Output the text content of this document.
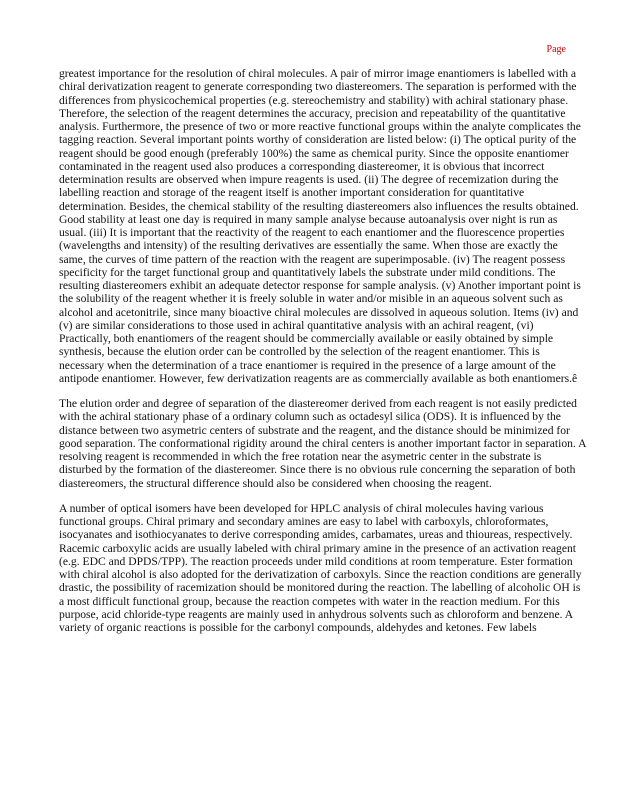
Page

greatest importance for the resolution of chiral molecules. A pair of mirror image enantiomers is labelled with a chiral derivatization reagent to generate corresponding two diastereomers. The separation is performed with the differences from physicochemical properties (e.g. stereochemistry and stability) with achiral stationary phase. Therefore, the selection of the reagent determines the accuracy, precision and repeatability of the quantitative analysis. Furthermore, the presence of two or more reactive functional groups within the analyte complicates the tagging reaction. Several important points worthy of consideration are listed below: (i) The optical purity of the reagent should be good enough (preferably 100%) the same as chemical purity. Since the opposite enantiomer contaminated in the reagent used also produces a corresponding diastereomer, it is obvious that incorrect determination results are observed when impure reagents is used. (ii) The degree of recemization during the labelling reaction and storage of the reagent itself is another important consideration for quantitative determination. Besides, the chemical stability of the resulting diastereomers also influences the results obtained. Good stability at least one day is required in many sample analyse because autoanalysis over night is run as usual. (iii) It is important that the reactivity of the reagent to each enantiomer and the fluorescence properties (wavelengths and intensity) of the resulting derivatives are essentially the same. When those are exactly the same, the curves of time pattern of the reaction with the reagent are superimposable. (iv) The reagent possess specificity for the target functional group and quantitatively labels the substrate under mild conditions. The resulting diastereomers exhibit an adequate detector response for sample analysis. (v) Another important point is the solubility of the reagent whether it is freely soluble in water and/or misible in an aqueous solvent such as alcohol and acetonitrile, since many bioactive chiral molecules are dissolved in aqueous solution. Items (iv) and (v) are similar considerations to those used in achiral quantitative analysis with an achiral reagent, (vi) Practically, both enantiomers of the reagent should be commercially available or easily obtained by simple synthesis, because the elution order can be controlled by the selection of the reagent enantiomer. This is necessary when the determination of a trace enantiomer is required in the presence of a large amount of the antipode enantiomer. However, few derivatization reagents are as commercially available as both enantiomers.ê

The elution order and degree of separation of the diastereomer derived from each reagent is not easily predicted with the achiral stationary phase of a ordinary column such as octadesyl silica (ODS). It is influenced by the distance between two asymetric centers of substrate and the reagent, and the distance should be minimized for good separation. The conformational rigidity around the chiral centers is another important factor in separation. A resolving reagent is recommended in which the free rotation near the asymetric center in the substrate is disturbed by the formation of the diastereomer. Since there is no obvious rule concerning the separation of both diastereomers, the structural difference should also be considered when choosing the reagent.

A number of optical isomers have been developed for HPLC analysis of chiral molecules having various functional groups. Chiral primary and secondary amines are easy to label with carboxyls, chloroformates, isocyanates and isothiocyanates to derive corresponding amides, carbamates, ureas and thioureas, respectively. Racemic carboxylic acids are usually labeled with chiral primary amine in the presence of an activation reagent (e.g. EDC and DPDS/TPP). The reaction proceeds under mild conditions at room temperature. Ester formation with chiral alcohol is also adopted for the derivatization of carboxyls. Since the reaction conditions are generally drastic, the possibility of racemization should be monitored during the reaction. The labelling of alcoholic OH is a most difficult functional group, because the reaction competes with water in the reaction medium. For this purpose, acid chloride-type reagents are mainly used in anhydrous solvents such as chloroform and benzene. A variety of organic reactions is possible for the carbonyl compounds, aldehydes and ketones. Few labels
